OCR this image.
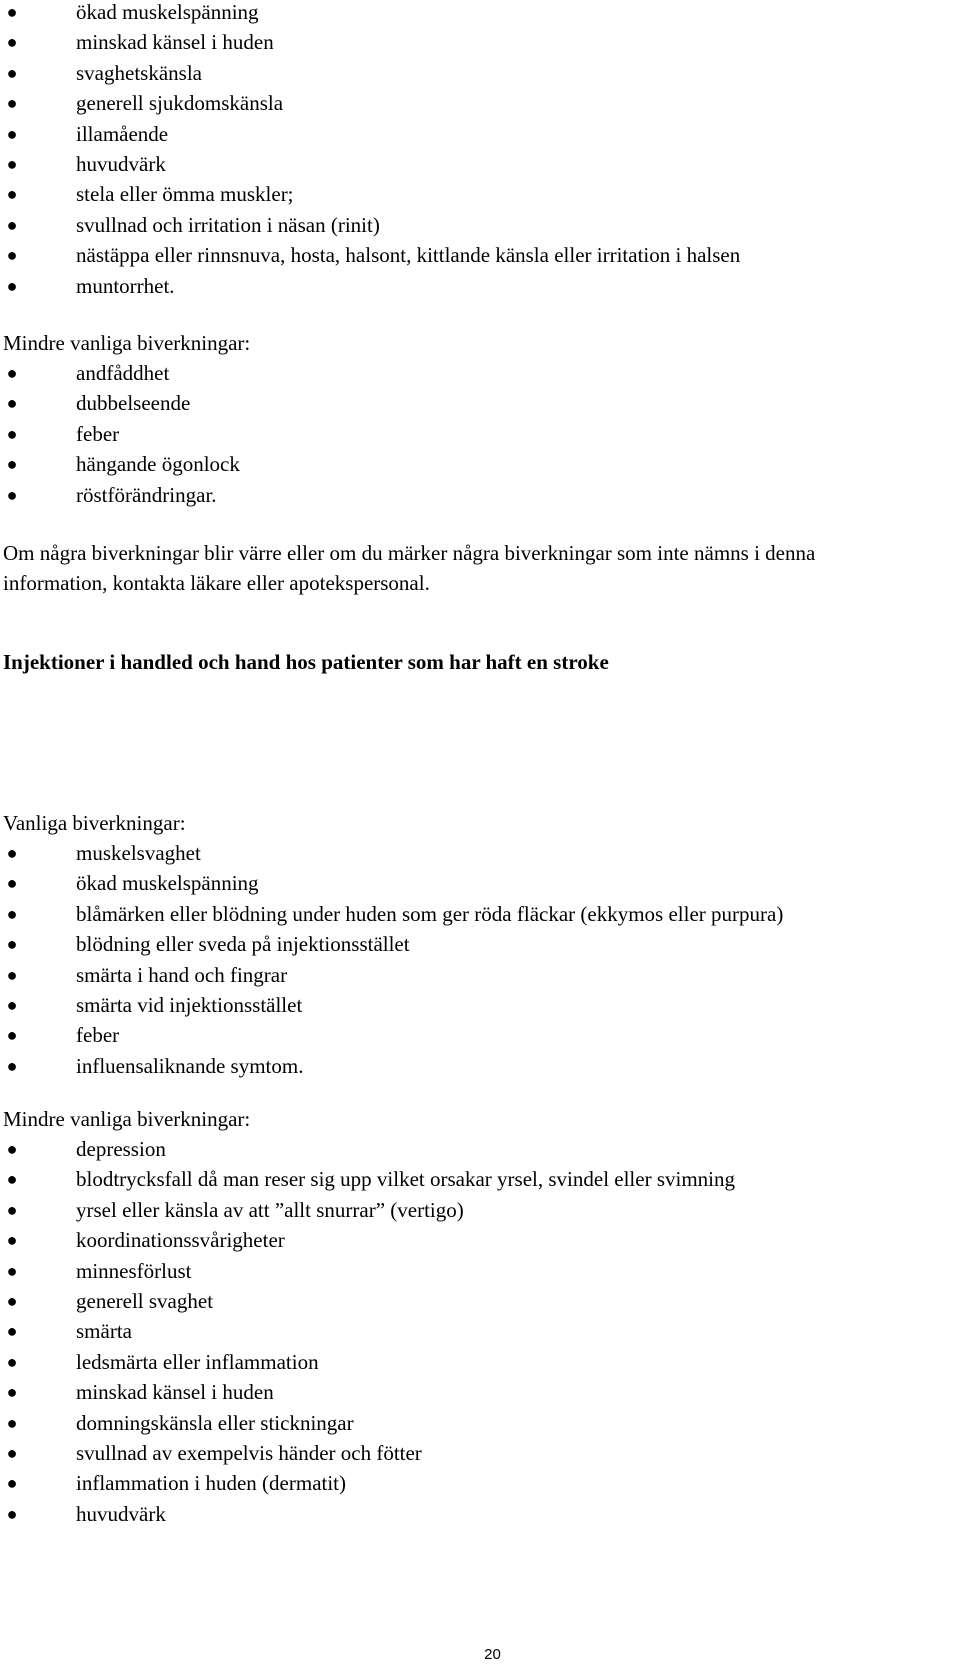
●	ökad muskelspänning
●	minskad känsel i huden
●	svaghetskänsla
●	generell sjukdomskänsla
●	illamående
●	huvudvärk
●	stela eller ömma muskler;
●	svullnad och irritation i näsan (rinit)
●	nästäppa eller rinnsnuva, hosta, halsont, kittlande känsla eller irritation i halsen
●	muntorrhet.
Mindre vanliga biverkningar:
●	andfåddhet
●	dubbelseende
●	feber
●	hängande ögonlock
●	röstförändringar.

Om några biverkningar blir värre eller om du märker några biverkningar som inte nämns i denna

information, kontakta läkare eller apotekspersonal.

Injektioner i handled och hand hos patienter som har haft en stroke
Vanliga biverkningar:
●	muskelsvaghet
●	ökad muskelspänning
●	blåmärken eller blödning under huden som ger röda fläckar (ekkymos eller purpura)
●	blödning eller sveda på injektionsstället
●	smärta i hand och fingrar
●	smärta vid injektionsstället
●	feber
●	influensaliknande symtom.
Mindre vanliga biverkningar:
●	depression
●	blodtrycksfall då man reser sig upp vilket orsakar yrsel, svindel eller svimning
●	yrsel eller känsla av att ”allt snurrar” (vertigo)
●	koordinationssvårigheter
●	minnesförlust
●	generell svaghet
●	smärta
●	ledsmärta eller inflammation
●	minskad känsel i huden
●	domningskänsla eller stickningar
●	svullnad av exempelvis händer och fötter
●	inflammation i huden (dermatit)
●	huvudvärk
20
